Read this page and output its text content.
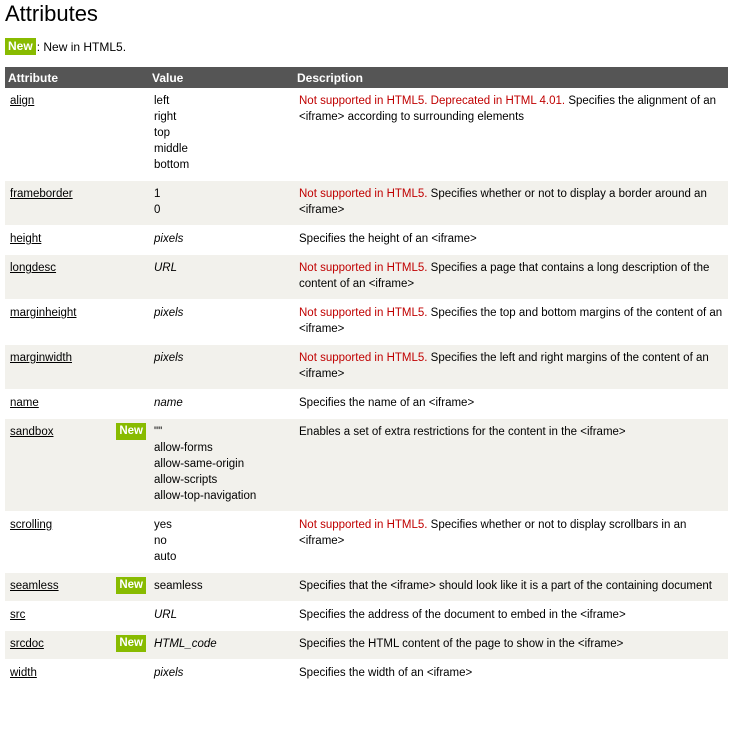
Attributes
New : New in HTML5.
Attribute	Value	Description
align	left
right
top
middle
bottom	Not supported in HTML5. Deprecated in HTML 4.01. Specifies the alignment of an <iframe> according to surrounding elements
frameborder	1
0	Not supported in HTML5. Specifies whether or not to display a border around an <iframe>
height	pixels	Specifies the height of an <iframe>
longdesc	URL	Not supported in HTML5. Specifies a page that contains a long description of the content of an <iframe>
marginheight	pixels	Not supported in HTML5. Specifies the top and bottom margins of the content of an <iframe>
marginwidth	pixels	Not supported in HTML5. Specifies the left and right margins of the content of an <iframe>
name	name	Specifies the name of an <iframe>
sandbox New	""
allow-forms
allow-same-origin
allow-scripts
allow-top-navigation	Enables a set of extra restrictions for the content in the <iframe>
scrolling	yes
no
auto	Not supported in HTML5. Specifies whether or not to display scrollbars in an <iframe>
seamless New	seamless	Specifies that the <iframe> should look like it is a part of the containing document
src	URL	Specifies the address of the document to embed in the <iframe>
srcdoc New	HTML_code	Specifies the HTML content of the page to show in the <iframe>
width	pixels	Specifies the width of an <iframe>
